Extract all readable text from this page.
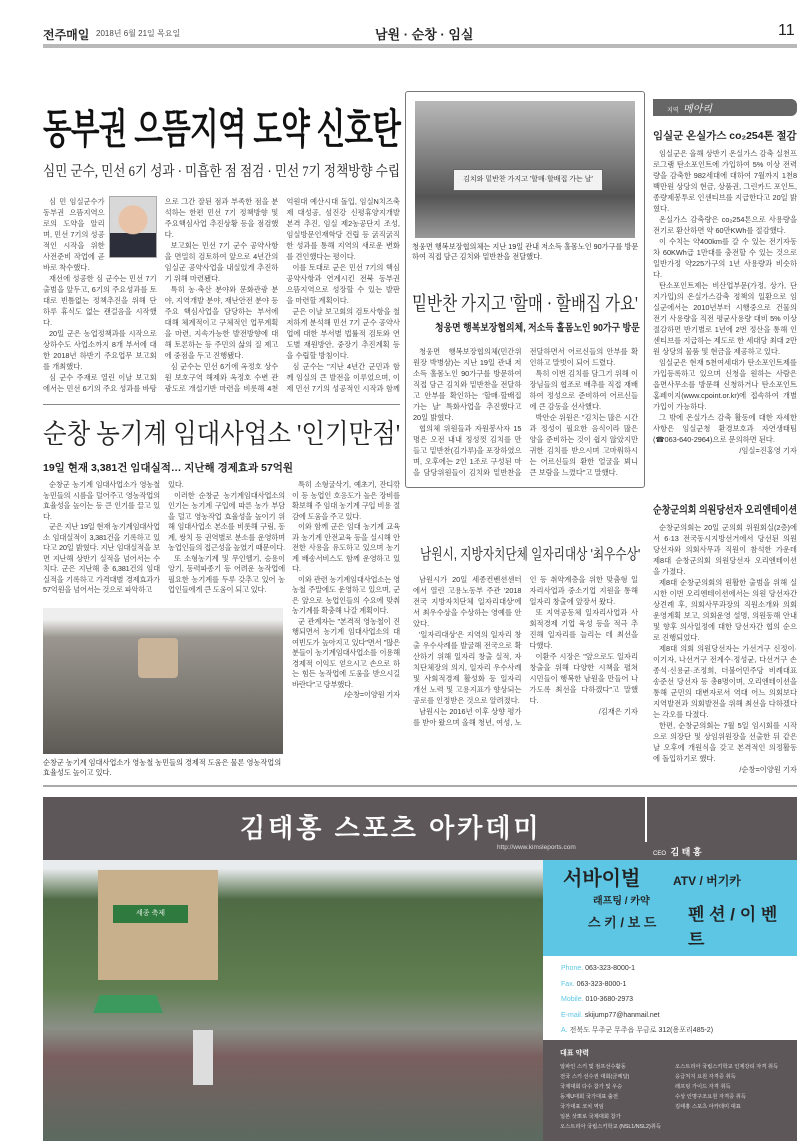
전주매일 2018년 6월 21일 목요일	남원 · 순창 · 임실	11
동부권 으뜸지역 도약 신호탄
심민 군수, 민선 6기 성과 · 미흡한 점 점검 · 민선 7기 정책방향 수립

심 민 임실군수가 동부권 으뜸지역으로의 도약을 알리며, 민선 7기의 성공적인 시작을 위한 사전준비 작업에 곧바로 착수했다.

재선에 성공한 심 군수는 민선 7기 출범을 앞두고, 6기의 주요성과를 토대로 빈틈없는 정책추진을 위해 단 하루 휴식도 없는 괜걸음을 시작했다.

20일 군은 농업정책과를 시작으로 상하수도 사업소까지 8개 부서에 대한 2018년 하반기 주요업무 보고회를 개최했다.

심 군수 주재로 열린 이날 보고회에서는 민선 6기의 주요 성과를 바탕으로 그간 잘된 점과 부족한 점을 분석하는 한편 민선 7기 정책방향 및 주요핵심사업 추진상황 등을 점검했다.

보고회는 민선 7기 군수 공약사항을 면밀히 검토하여 앞으로 4년간의 임실군 공약사업을 내실있게 추진하기 위해 마련됐다.

특히 농·축산 분야와 문화관광 분야, 지역개발 분야, 재난안전 분야 등 주요 핵심사업을 담당하는 부서에 대해 체계적이고 구체적인 업무계획을 마련, 지속가능한 발전방향에 대해 토론하는 등 주민의 삶의 질 제고에 중점을 두고 진행됐다.

심 군수는 민선 6기에 옥정호 상수원 보호구역 해제와 옥정호 수변 관광도로 개설기반 마련을 비롯해 4천억원대 예산시대 돌입, 임실N치즈축제 대성공, 섬진강 신평휴양지개발 본격 추진, 임실 제2농공단지 조성, 임실방문인재학당 건립 등 굵직굵직한 성과를 통해 지역의 새로운 변화를 견인했다는 평이다.

이를 토대로 군은 민선 7기의 핵심 공약사항과 연계시킨 전북 동부권 으뜸지역으로 성장할 수 있는 발판을 마련할 계획이다.

군은 이날 보고회의 검토사항을 철저하게 분석해 민선 7기 군수 공약사업에 대한 부서별 법률적 검토와 연도별 재원방안, 중장기 추진계획 등을 수립할 방침이다.

심 군수는 "지난 4년간 군민과 함께 임실의 큰 발전을 이루었으며, 이제 민선 7기의 성공적인 시작과 함께

김치와 밑반찬 가지고 '할매·할배집 가는 날'
청웅면 행복보장협의체는 지난 19일 관내 저소득 홀몸노인 90가구를 방문하여 직접 담근 김치와 밑반찬을 전달했다.
밑반찬 가지고 '할매 · 할배집 가요'
청웅면 행복보장협의체, 저소득 홀몸노인 90가구 방문

청웅면 행복보장협의체(민간위원장 박병삼)는 지난 19일 관내 저소득 홀몸노인 90가구를 방문하여 직접 담근 김치와 밑반찬을 전달하고 안부를 확인하는 '할매·할배집 가는 날' 특화사업을 추진했다고 20일 밝혔다.

협의체 위원들과 자원봉사자 15명은 오전 내내 정성껏 김치를 만들고 밑반찬(김가루)을 포장하였으며, 오후에는 2인 1조로 구성된 마을 담당위원들이 김치와 밑반찬을 전달하면서 어르신들의 안부를 확인하고 말벗이 되어 드렸다.

특히 이번 김치를 담그기 위해 이장님들의 협조로 배추를 직접 재배하여 정성으로 준비하여 어르신들에 큰 감동을 선사했다.

박안순 위원은 "김치는 많은 시간과 정성이 필요한 음식이라 많은 양을 준비하는 것이 쉽지 않았지만 귀한 김치를 받으시며 고마워하시는 어르신들의 환한 얼굴을 뵈니 큰 보람을 느꼈다"고 말했다.

지역 메아리
임실군 온실가스 co₂254톤 절감

임실군은 올해 상반기 온실가스 감축 실천프로그램 탄소포인트에 가입하여 5% 이상 전력량을 감축한 982세대에 대하여 7월까지 1천8백만원 상당의 현금, 상품권, 그린카드 포인트, 종량제봉투로 인센티브를 지급한다고 20일 밝혔다.

온실가스 감축량은 co₂254톤으로 사용량을 전기로 환산하면 약 60만KWh를 절감했다.

이 수치는 약400km를 갈 수 있는 전기자동차 60KWh급 1만대를 충전할 수 있는 것으로 일반가정 약225가구의 1년 사용량과 비슷하다.

탄소포인트제는 비산업부문(가정, 상가, 단지가입)의 온실가스감축 정책의 일환으로 임실군에서는 2010년부터 시행중으로 건물의 전기 사용량을 직전 평균사용량 대비 5% 이상 절감하면 반기별로 1년에 2번 정산을 통해 인센티브를 지급하는 제도로 한 세대당 최대 2만원 상당의 물품 및 현금을 제공하고 있다.

임실군은 현재 5천여세대가 탄소포인트제를 가입등록하고 있으며 신청을 원하는 사람은 읍면사무소를 방문해 신청하거나 탄소포인트 홈페이지(www.cpoint.or.kr)에 접속하여 개별 가입이 가능하다.

그 밖에 온실가스 감축 활동에 대한 자세한 사항은 임실군청 환경보호과 자연생태팀(☎063-640-2964)으로 문의하면 된다.

/임실=진홍영 기자

순창군의회 의원당선자 오리엔테이션

순창군의회는 20일 군의회 위원회실(2층)에서 6·13 전국동시지방선거에서 당선된 의원 당선자와 의회사무과 직원이 참석한 가운데 제8대 순창군의회 의원당선자 오리엔테이션을 가졌다.

제8대 순창군의회의 원활한 출범을 위해 실시한 이번 오리엔테이션에서는 의원 당선자간 상견례 후, 의회사무과장의 직원소개와 의회운영계획 보고, 의회운영 설명, 의원동해 안내 및 향후 의사일정에 대한 당선자간 협의 순으로 진행되었다.

제8대 의회 의원당선자는 가선거구 신정이·이기자, 나선거구 전계수·정성균, 다선거구 손종석·신용균·조정희, 더불어민주당 비례대표 송준선 당선자 등 총8명이며, 오리엔테이션을 통해 군민의 대변자로서 역대 어느 의회보다 지역발전과 의회발전을 위해 최선을 다하겠다는 각오를 다졌다.

한편, 순창군의회는 7월 5일 임시회를 시작으로 의장단 및 상임위원장을 선출한 뒤 같은 날 오후에 개원식을 갖고 본격적인 의정활동에 돌입하기로 했다.

/순창=이양원 기자

순창 농기계 임대사업소 '인기만점'
19일 현재 3,381건 임대실적… 지난해 경제효과 57억원

순창군 농기계 임대사업소가 영농철 농민들의 시름을 덜어주고 영농작업의 효율성을 높이는 등 큰 인기를 끌고 있다.

군은 지난 19일 현재 농기계임대사업소 임대실적이 3,381건을 기록하고 있다고 20일 밝혔다. 지난 임대실적을 보면 지난해 상반기 실적을 넘어서는 수치다. 군은 지난해 총 6,381건의 임대실적을 기록하고 가격대별 경제효과가 57억원을 넘어서는 것으로 파악하고

있다.

이러한 순창군 농기계임대사업소의 인기는 농기계 구입에 따른 농가 부담을 덜고 영농작업 효율성을 높이기 위해 임대사업소 본소를 비롯해 구림, 동계, 쌍치 등 권역별로 분소를 운영하며 농업인들의 접근성을 높였기 때문이다.

또 소형농기계 및 무인헬기, 승용이앙기, 동력파종기 등 어려운 농작업에 필요한 농기계를 두루 갖추고 있어 농업인들에게 큰 도움이 되고 있다.

특히 소형굴삭기, 예초기, 잔디깎이 등 농업인 호응도가 높은 장비를 확보해 주 임대 농기계 구입 비용 절감에 도움을 주고 있다.

이와 함께 군은 임대 농기계 교육과 농기계 안전교육 등을 실시해 안전한 사용을 유도하고 있으며 농기계 배송서비스도 함께 운영하고 있다.

이와 관련 농기계임대사업소는 영농철 주말에도 운영하고 있으며, 군은 앞으로 농업인들의 수요에 맞춰 농기계를 확충해 나갈 계획이다.

군 관계자는 "본격적 영농철이 진행되면서 농기계 임대사업소의 대여빈도가 높아지고 있다"면서 "많은 분들이 농기계임대사업소를 이용해 경제적 이익도 얻으시고 손으로 하는 힘든 농작업에 도움을 받으시길 바란다"고 당부했다.

/순창=이양원 기자

순창군 농기계 임대사업소가 영농철 농민들의 경제적 도움은 물론 영농작업의 효율성도 높이고 있다.
남원시, 지방자치단체 일자리대상 '최우수상'

남원시가 20일 세종컨벤션센터에서 열린 고용노동부 주관 '2018 전국 지방자치단체 일자리대상'에서 최우수상을 수상하는 영예를 안았다.

'일자리대상'은 지역의 일자리 창출 우수사례를 발굴해 전국으로 확산하기 위해 일자리 창출 실적, 자치단체장의 의지, 일자리 우수사례 및 사회적경제 활성화 등 일자리 개선 노력 및 고용지표가 향상되는 공로를 인정받은 것으로 알려졌다.

남원시는 2016년 이후 상향 평가를 받아 왔으며 올해 청년, 여성, 노인 등 취약계층을 위한 맞춤형 일자리사업과 중소기업 지원을 통해 일자리 창출에 앞장서 왔다.

또 지역공동체 일자리사업과 사회적경제 기업 육성 등을 적극 추진해 일자리를 늘리는 데 최선을 다했다.

이환주 시장은 "앞으로도 일자리 창출을 위해 다양한 시책을 펼쳐 시민들이 행복한 남원을 만들어 나가도록 최선을 다하겠다"고 말했다.

/김재은 기자

김태홍 스포츠 아카데미
http://www.kimsleports.com
CEO 김 태 홍
세종 축제
서바이벌	ATV / 버기카
래프팅 / 카약
스 키 / 보 드 펜 션 / 이 벤 트
Phone. 063-323-8000-1
Fax. 063-323-8000-1
Mobile. 010-3680-2973
E-mail. skijump77@hanmail.net
A. 전북도 무주군 무주읍 무금로 312(용포리485-2)
대표 약력
알파인 스키 및 점프선수활동
전국 스키 선수권 대회(금메달)
국제대회 다수 참가 및 우승
동계U대회 국가대표 출전
국가대표 코치 역임
일본 삿뽀로 국제대회 참가
오스트리아 국립스키학교 (NSL1/NSL2)취득
오스트리아 국립스키학교 인제강티 자격 취득
응급처지 요원 자격증 취득
래프팅 가이드 자격 취득
수상 인명구조요원 자격증 취득
김태홍 스포츠 아카데미 대표
